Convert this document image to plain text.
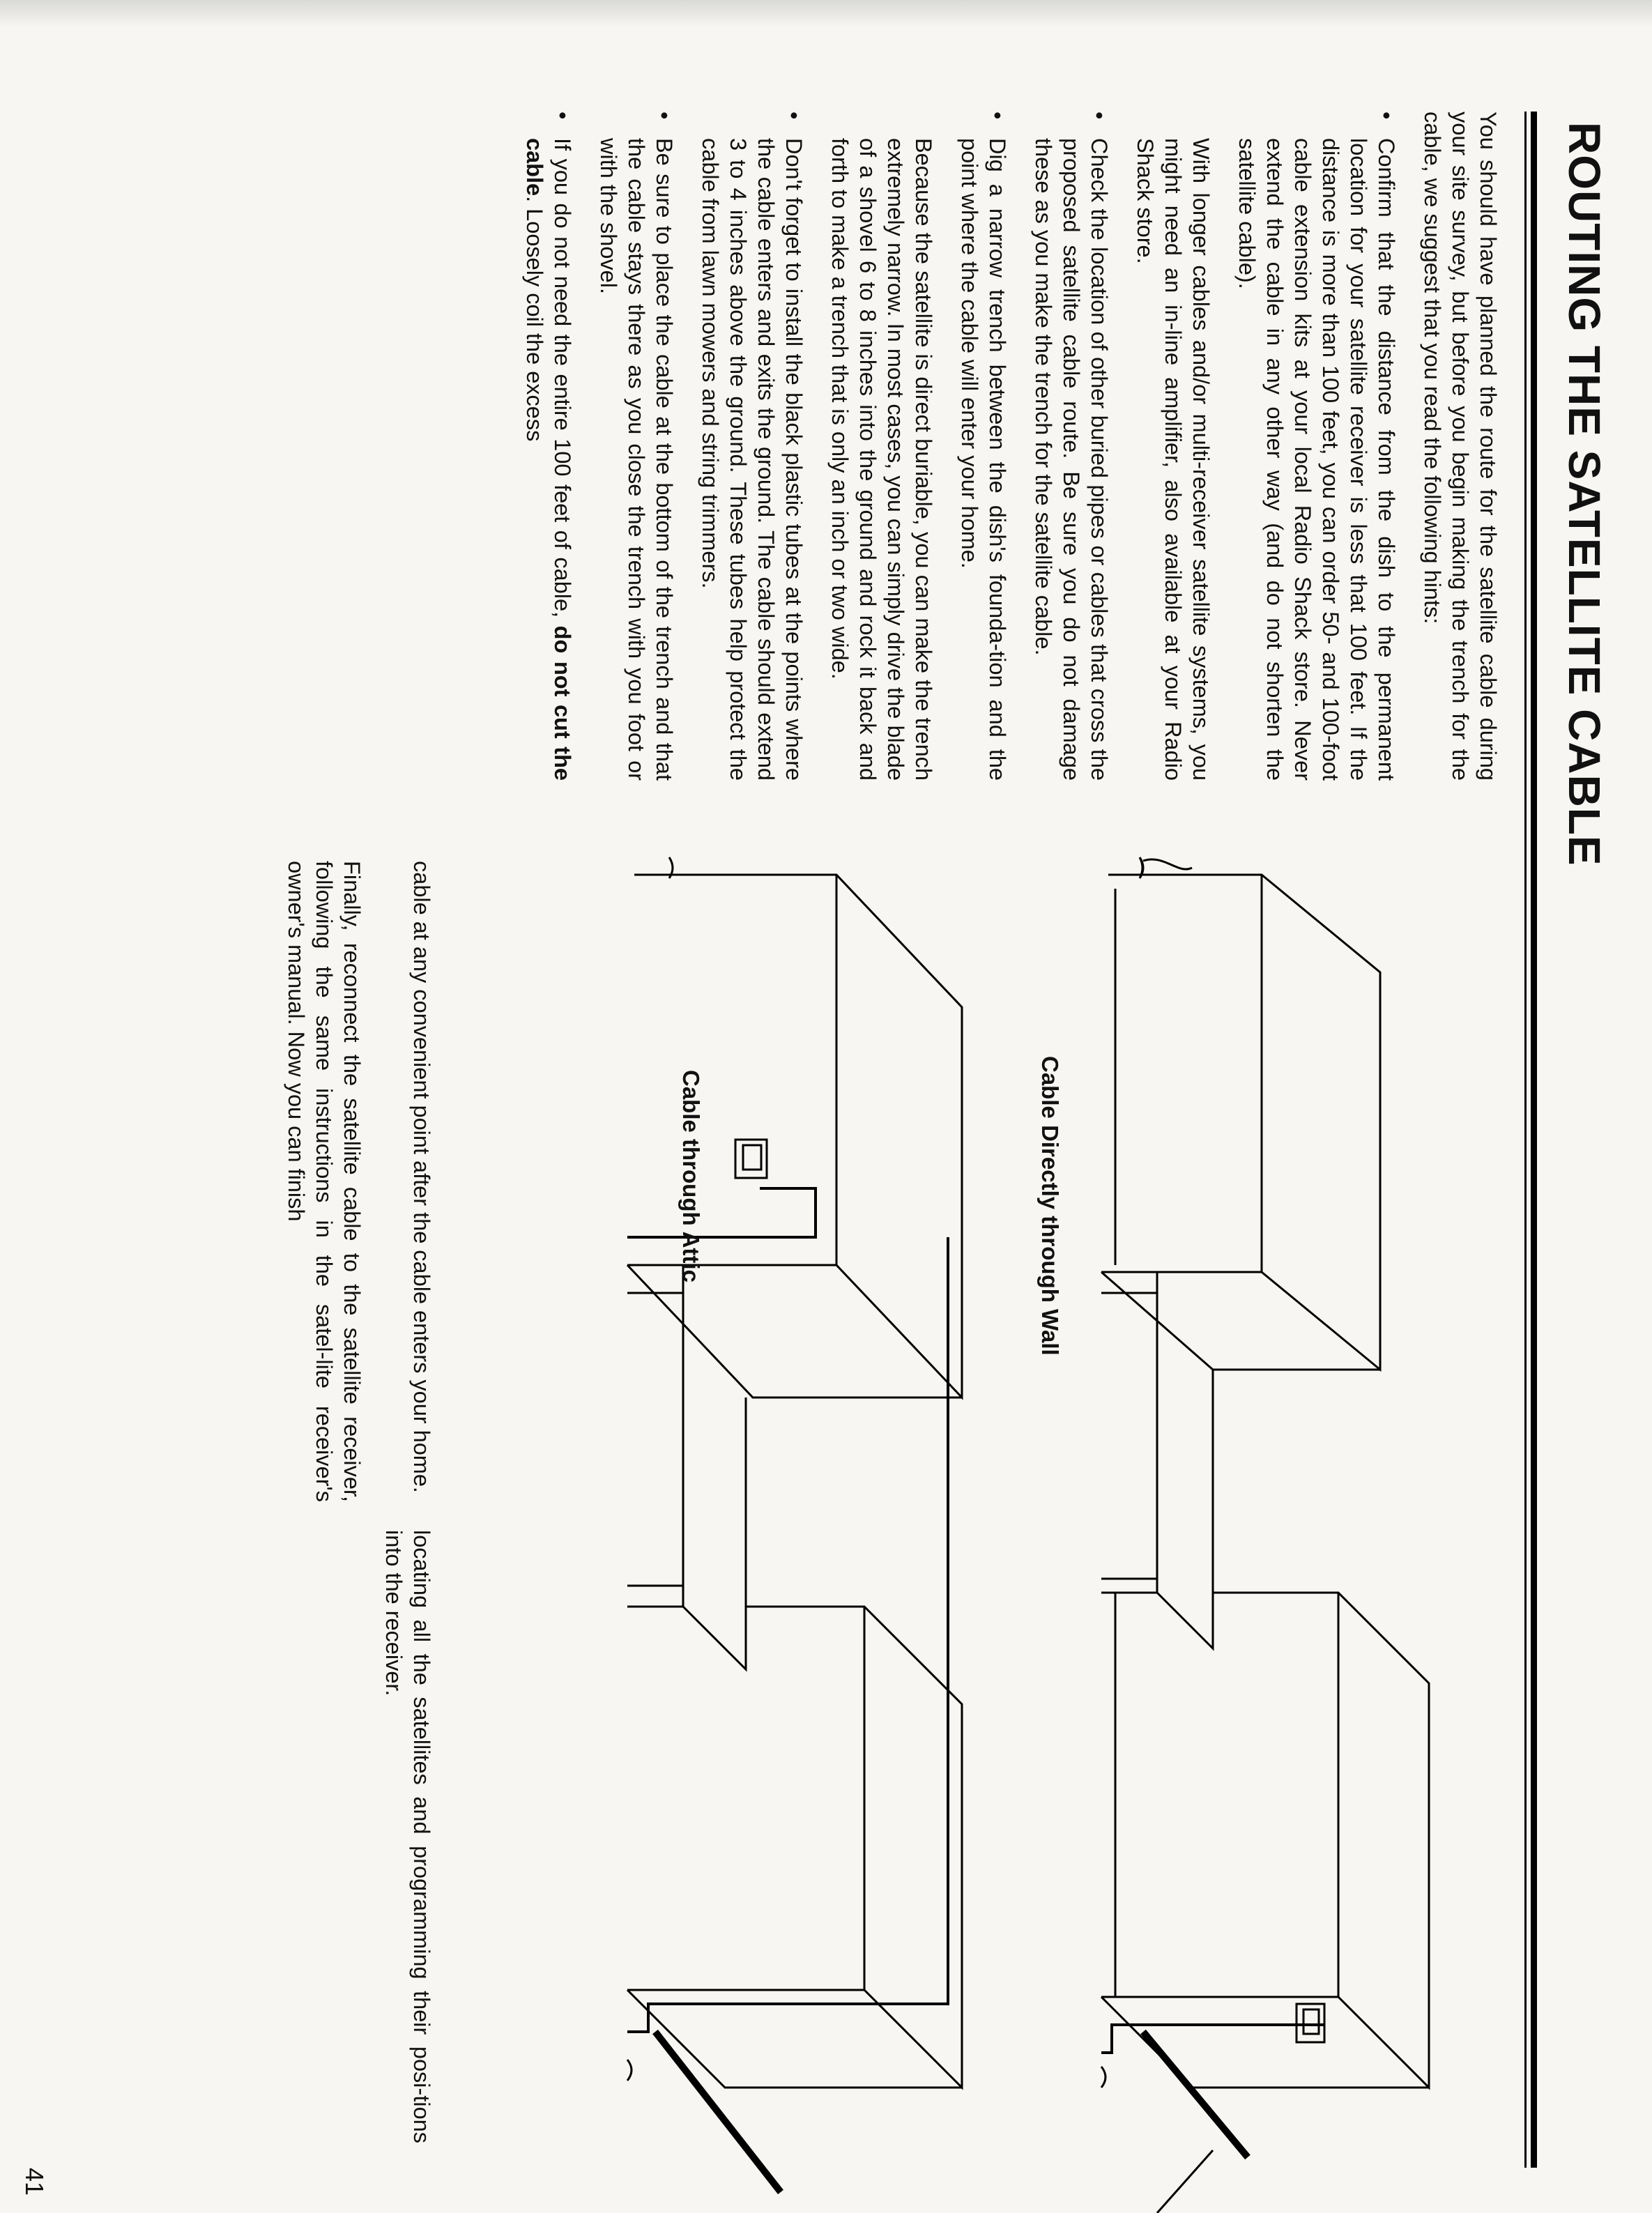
ROUTING THE SATELLITE CABLE

You should have planned the route for the satellite cable during your site survey, but before you begin making the trench for the cable, we suggest that you read the following hints:

• Confirm that the distance from the dish to the permanent location for your satellite receiver is less that 100 feet. If the distance is more than 100 feet, you can order 50- and 100-foot cable extension kits at your local Radio Shack store. Never extend the cable in any other way (and do not shorten the satellite cable).

With longer cables and/or multi-receiver satellite systems, you might need an in-line amplifier, also available at your Radio Shack store.

• Check the location of other buried pipes or cables that cross the proposed satellite cable route. Be sure you do not damage these as you make the trench for the satellite cable.

• Dig a narrow trench between the dish's founda-tion and the point where the cable will enter your home.

Because the satellite is direct buriable, you can make the trench extremely narrow. In most cases, you can simply drive the blade of a shovel 6 to 8 inches into the ground and rock it back and forth to make a trench that is only an inch or two wide.

• Don't forget to install the black plastic tubes at the points where the cable enters and exits the ground. The cable should extend 3 to 4 inches above the ground. These tubes help protect the cable from lawn mowers and string trimmers.

• Be sure to place the cable at the bottom of the trench and that the cable stays there as you close the trench with you foot or with the shovel.

• If you do not need the entire 100 feet of cable, do not cut the cable. Loosely coil the excess

Cable Directly through Wall
Cable through Attic
cable at any convenient point after the cable enters your home.
Finally, reconnect the satellite cable to the satellite receiver, following the same instructions in the satel-lite receiver's owner's manual. Now you can finish
locating all the satellites and programming their posi-tions into the receiver.
41
